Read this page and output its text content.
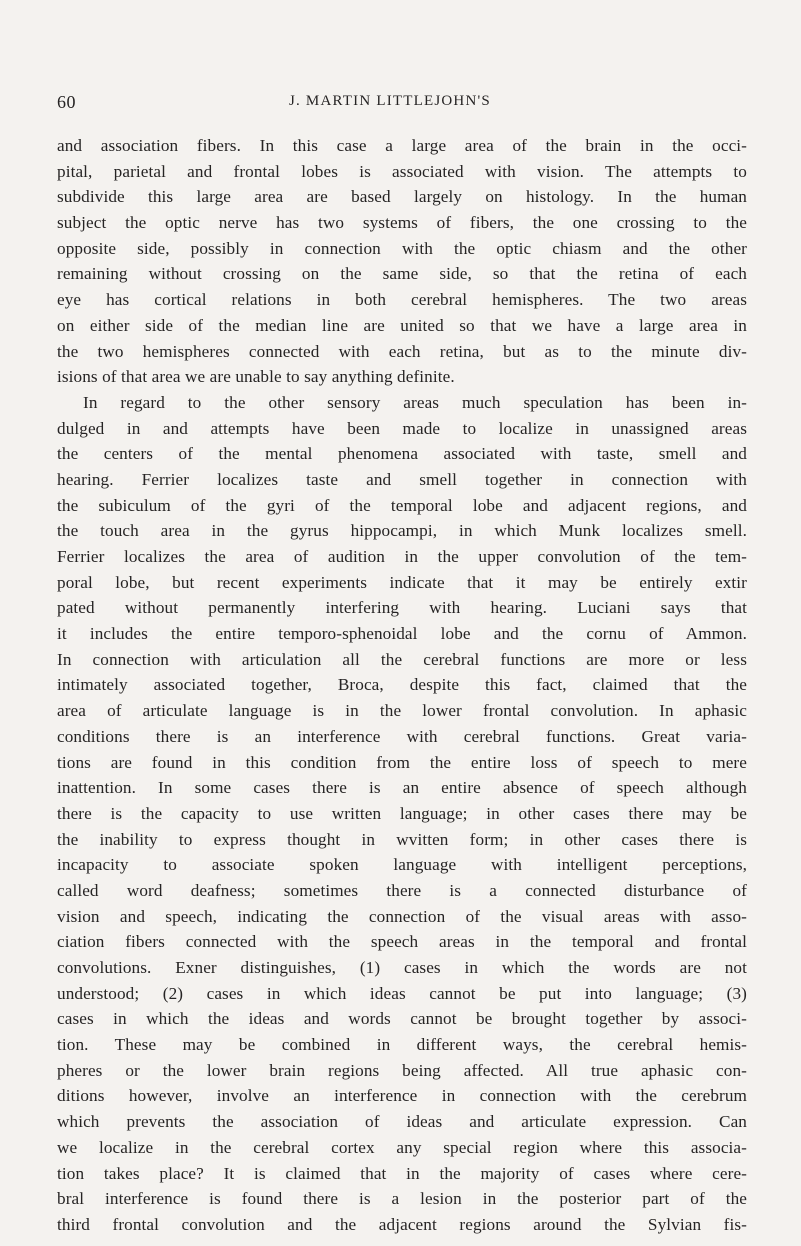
60	J. MARTIN LITTLEJOHN'S
and association fibers. In this case a large area of the brain in the occi-
pital, parietal and frontal lobes is associated with vision. The attempts to
subdivide this large area are based largely on histology. In the human
subject the optic nerve has two systems of fibers, the one crossing to the
opposite side, possibly in connection with the optic chiasm and the other
remaining without crossing on the same side, so that the retina of each
eye has cortical relations in both cerebral hemispheres. The two areas
on either side of the median line are united so that we have a large area in
the two hemispheres connected with each retina, but as to the minute div-
isions of that area we are unable to say anything definite.
In regard to the other sensory areas much speculation has been in-
dulged in and attempts have been made to localize in unassigned areas
the centers of the mental phenomena associated with taste, smell and
hearing. Ferrier localizes taste and smell together in connection with
the subiculum of the gyri of the temporal lobe and adjacent regions, and
the touch area in the gyrus hippocampi, in which Munk localizes smell.
Ferrier localizes the area of audition in the upper convolution of the tem-
poral lobe, but recent experiments indicate that it may be entirely extir
pated without permanently interfering with hearing. Luciani says that
it includes the entire temporo-sphenoidal lobe and the cornu of Ammon.
In connection with articulation all the cerebral functions are more or less
intimately associated together, Broca, despite this fact, claimed that the
area of articulate language is in the lower frontal convolution. In aphasic
conditions there is an interference with cerebral functions. Great varia-
tions are found in this condition from the entire loss of speech to mere
inattention. In some cases there is an entire absence of speech although
there is the capacity to use written language; in other cases there may be
the inability to express thought in wvitten form; in other cases there is
incapacity to associate spoken language with intelligent perceptions,
called word deafness; sometimes there is a connected disturbance of
vision and speech, indicating the connection of the visual areas with asso-
ciation fibers connected with the speech areas in the temporal and frontal
convolutions. Exner distinguishes, (1) cases in which the words are not
understood; (2) cases in which ideas cannot be put into language; (3)
cases in which the ideas and words cannot be brought together by associ-
tion. These may be combined in different ways, the cerebral hemis-
pheres or the lower brain regions being affected. All true aphasic con-
ditions however, involve an interference in connection with the cerebrum
which prevents the association of ideas and articulate expression. Can
we localize in the cerebral cortex any special region where this associa-
tion takes place? It is claimed that in the majority of cases where cere-
bral interference is found there is a lesion in the posterior part of the
third frontal convolution and the adjacent regions around the Sylvian fis-
